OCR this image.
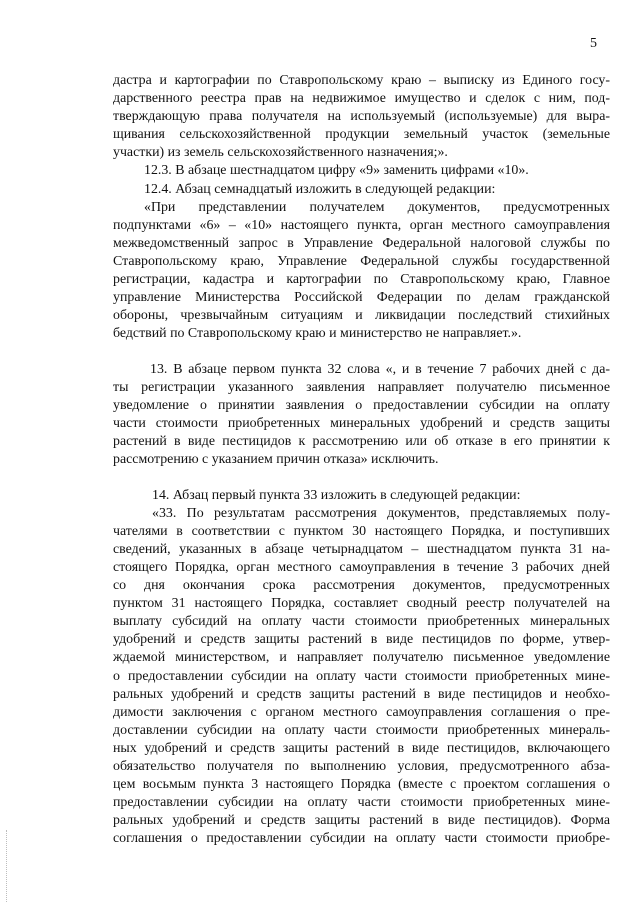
5
дастра и картографии по Ставропольскому краю – выписку из Единого госу-
дарственного реестра прав на недвижимое имущество и сделок с ним, под-
тверждающую права получателя на используемый (используемые) для выра-
щивания сельскохозяйственной продукции земельный участок (земельные
участки) из земель сельскохозяйственного назначения;».
12.3. В абзаце шестнадцатом цифру «9» заменить цифрами «10».
12.4. Абзац семнадцатый изложить в следующей редакции:
«При представлении получателем документов, предусмотренных
подпунктами «6» – «10» настоящего пункта, орган местного самоуправления
межведомственный запрос в Управление Федеральной налоговой службы по
Ставропольскому краю, Управление Федеральной службы государственной
регистрации, кадастра и картографии по Ставропольскому краю, Главное
управление Министерства Российской Федерации по делам гражданской
обороны, чрезвычайным ситуациям и ликвидации последствий стихийных
бедствий по Ставропольскому краю и министерство не направляет.».
13. В абзаце первом пункта 32 слова «, и в течение 7 рабочих дней с да-
ты регистрации указанного заявления направляет получателю письменное
уведомление о принятии заявления о предоставлении субсидии на оплату
части стоимости приобретенных минеральных удобрений и средств защиты
растений в виде пестицидов к рассмотрению или об отказе в его принятии к
рассмотрению с указанием причин отказа» исключить.
14. Абзац первый пункта 33 изложить в следующей редакции:
«33. По результатам рассмотрения документов, представляемых полу-
чателями в соответствии с пунктом 30 настоящего Порядка, и поступивших
сведений, указанных в абзаце четырнадцатом – шестнадцатом пункта 31 на-
стоящего Порядка, орган местного самоуправления в течение 3 рабочих дней
со дня окончания срока рассмотрения документов, предусмотренных
пунктом 31 настоящего Порядка, составляет сводный реестр получателей на
выплату субсидий на оплату части стоимости приобретенных минеральных
удобрений и средств защиты растений в виде пестицидов по форме, утвер-
ждаемой министерством, и направляет получателю письменное уведомление
о предоставлении субсидии на оплату части стоимости приобретенных мине-
ральных удобрений и средств защиты растений в виде пестицидов и необхо-
димости заключения с органом местного самоуправления соглашения о пре-
доставлении субсидии на оплату части стоимости приобретенных минераль-
ных удобрений и средств защиты растений в виде пестицидов, включающего
обязательство получателя по выполнению условия, предусмотренного абза-
цем восьмым пункта 3 настоящего Порядка (вместе с проектом соглашения о
предоставлении субсидии на оплату части стоимости приобретенных мине-
ральных удобрений и средств защиты растений в виде пестицидов). Форма
соглашения о предоставлении субсидии на оплату части стоимости приобре-
